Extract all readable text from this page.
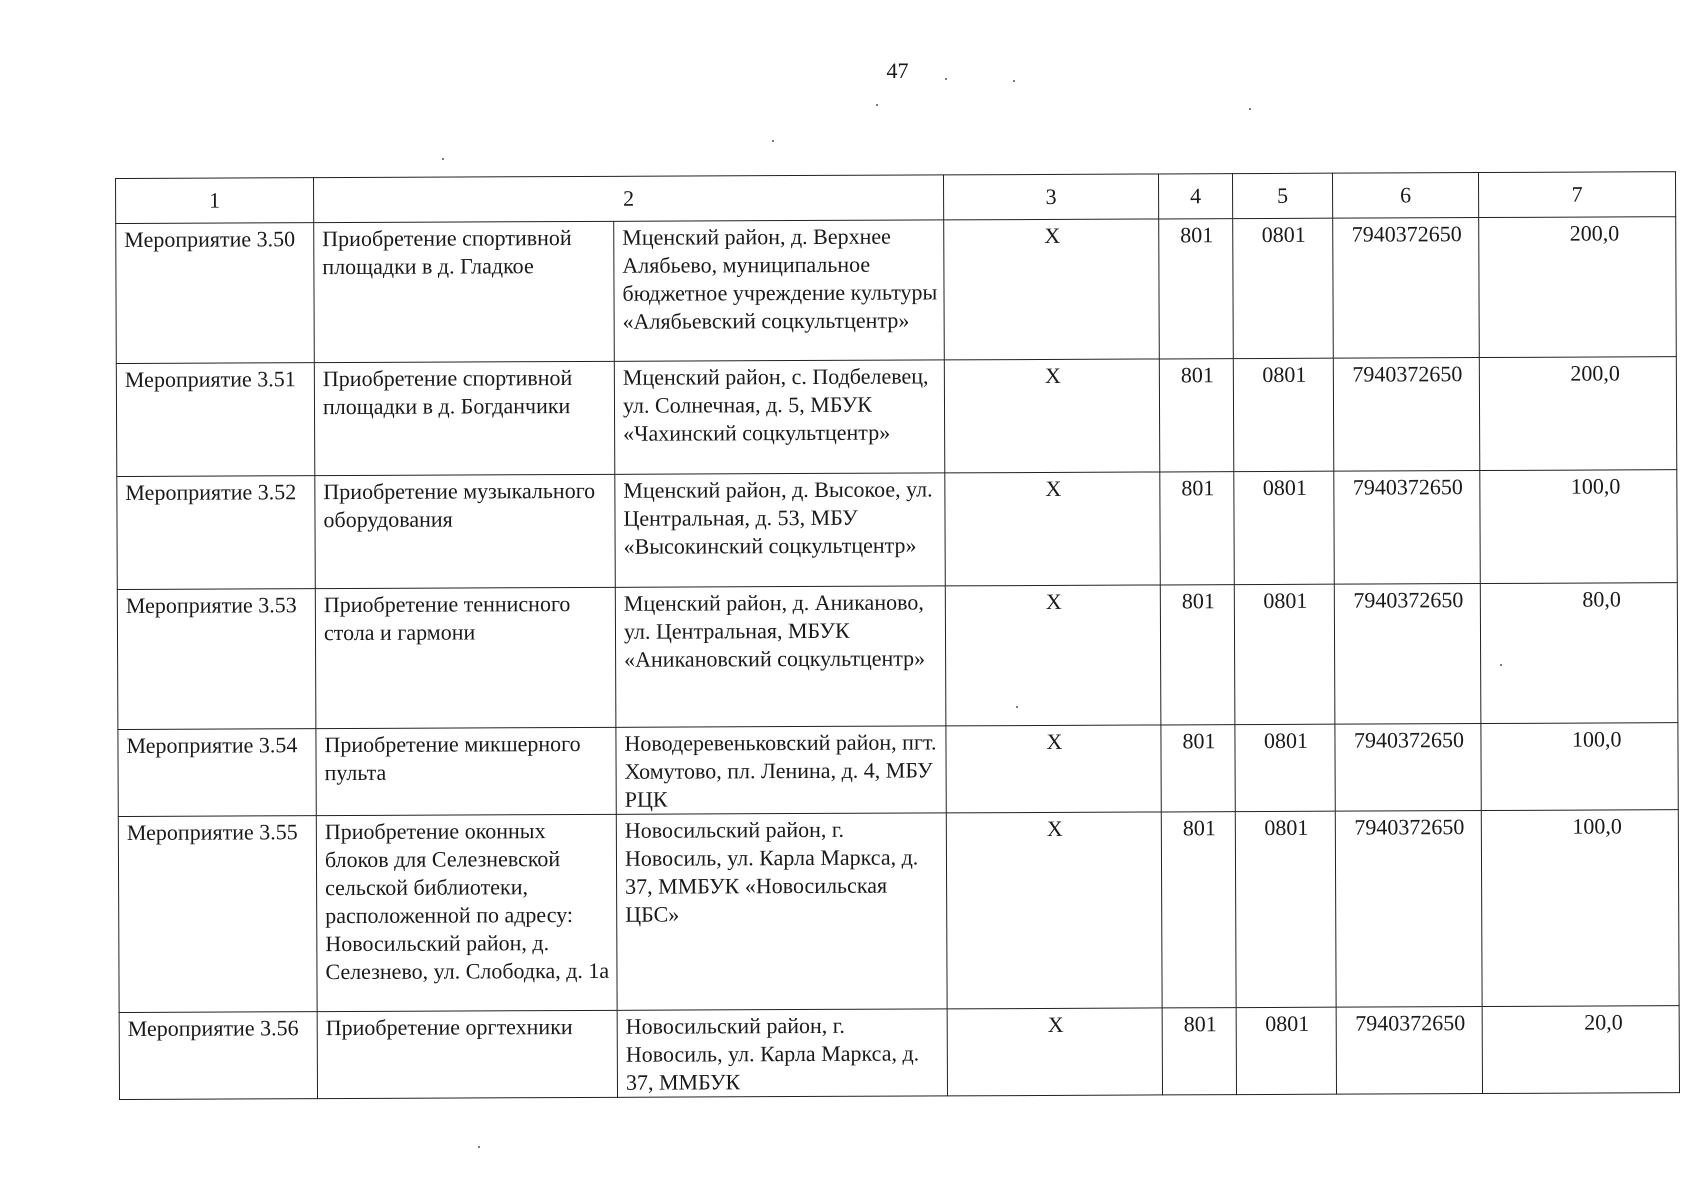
47
1	2		3	4	5	6	7
Мероприятие 3.50	Приобретение спортивной площадки в д. Гладкое	Мценский район, д. Верхнее Алябьево, муниципальное бюджетное учреждение культуры «Алябьевский соцкультцентр»	Х	801	0801	7940372650	200,0
Мероприятие 3.51	Приобретение спортивной площадки в д. Богданчики	Мценский район, с. Подбелевец, ул. Солнечная, д. 5, МБУК «Чахинский соцкультцентр»	Х	801	0801	7940372650	200,0
Мероприятие 3.52	Приобретение музыкального оборудования	Мценский район, д. Высокое, ул. Центральная, д. 53, МБУ «Высокинский соцкультцентр»	Х	801	0801	7940372650	100,0
Мероприятие 3.53	Приобретение теннисного стола и гармони	Мценский район, д. Аниканово, ул. Центральная, МБУК «Аникановский соцкультцентр»	Х	801	0801	7940372650	80,0
Мероприятие 3.54	Приобретение микшерного пульта	Новодеревеньковский район, пгт. Хомутово, пл. Ленина, д. 4, МБУ РЦК	Х	801	0801	7940372650	100,0
Мероприятие 3.55	Приобретение оконных блоков для Селезневской сельской библиотеки, расположенной по адресу: Новосильский район, д. Селезнево, ул. Слободка, д. 1а	Новосильский район, г. Новосиль, ул. Карла Маркса, д. 37, ММБУК «Новосильская ЦБС»	Х	801	0801	7940372650	100,0
Мероприятие 3.56	Приобретение оргтехники	Новосильский район, г. Новосиль, ул. Карла Маркса, д. 37, ММБУК	Х	801	0801	7940372650	20,0
